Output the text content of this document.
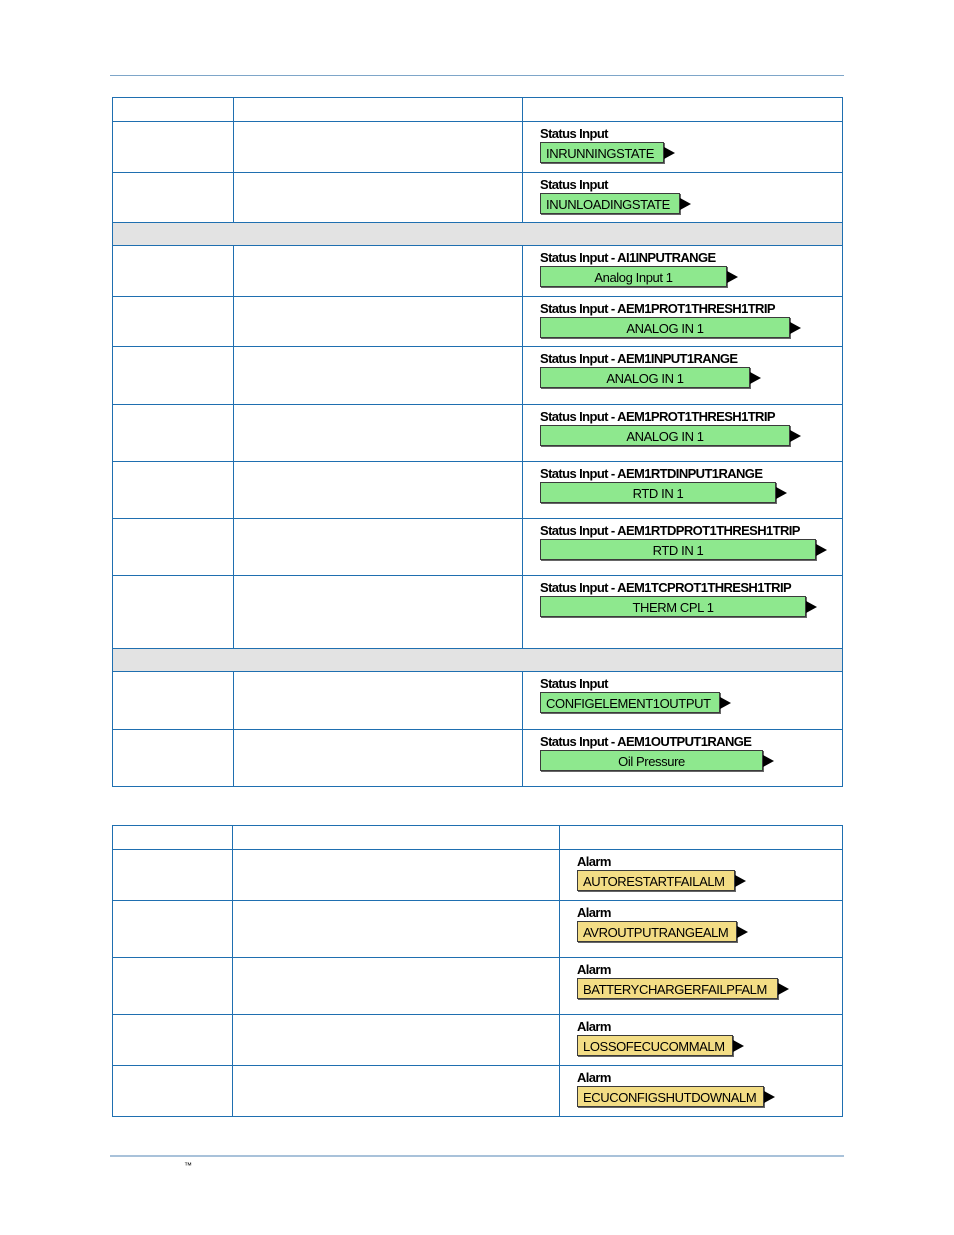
		Status Input
INRUNNINGSTATE

		Status Input
INUNLOADINGSTATE

		Status Input - AI1INPUTRANGE
Analog Input 1

		Status Input - AEM1PROT1THRESH1TRIP
ANALOG IN 1

		Status Input - AEM1INPUT1RANGE
ANALOG IN 1

		Status Input - AEM1PROT1THRESH1TRIP
ANALOG IN 1

		Status Input - AEM1RTDINPUT1RANGE
RTD IN 1

		Status Input - AEM1RTDPROT1THRESH1TRIP
RTD IN 1

		Status Input - AEM1TCPROT1THRESH1TRIP
THERM CPL 1

		Status Input
CONFIGELEMENT1OUTPUT

		Status Input - AEM1OUTPUT1RANGE
Oil Pressure

		Alarm
AUTORESTARTFAILALM

		Alarm
AVROUTPUTRANGEALM

		Alarm
BATTERYCHARGERFAILPFALM

		Alarm
LOSSOFECUCOMMALM

		Alarm
ECUCONFIGSHUTDOWNALM
™
